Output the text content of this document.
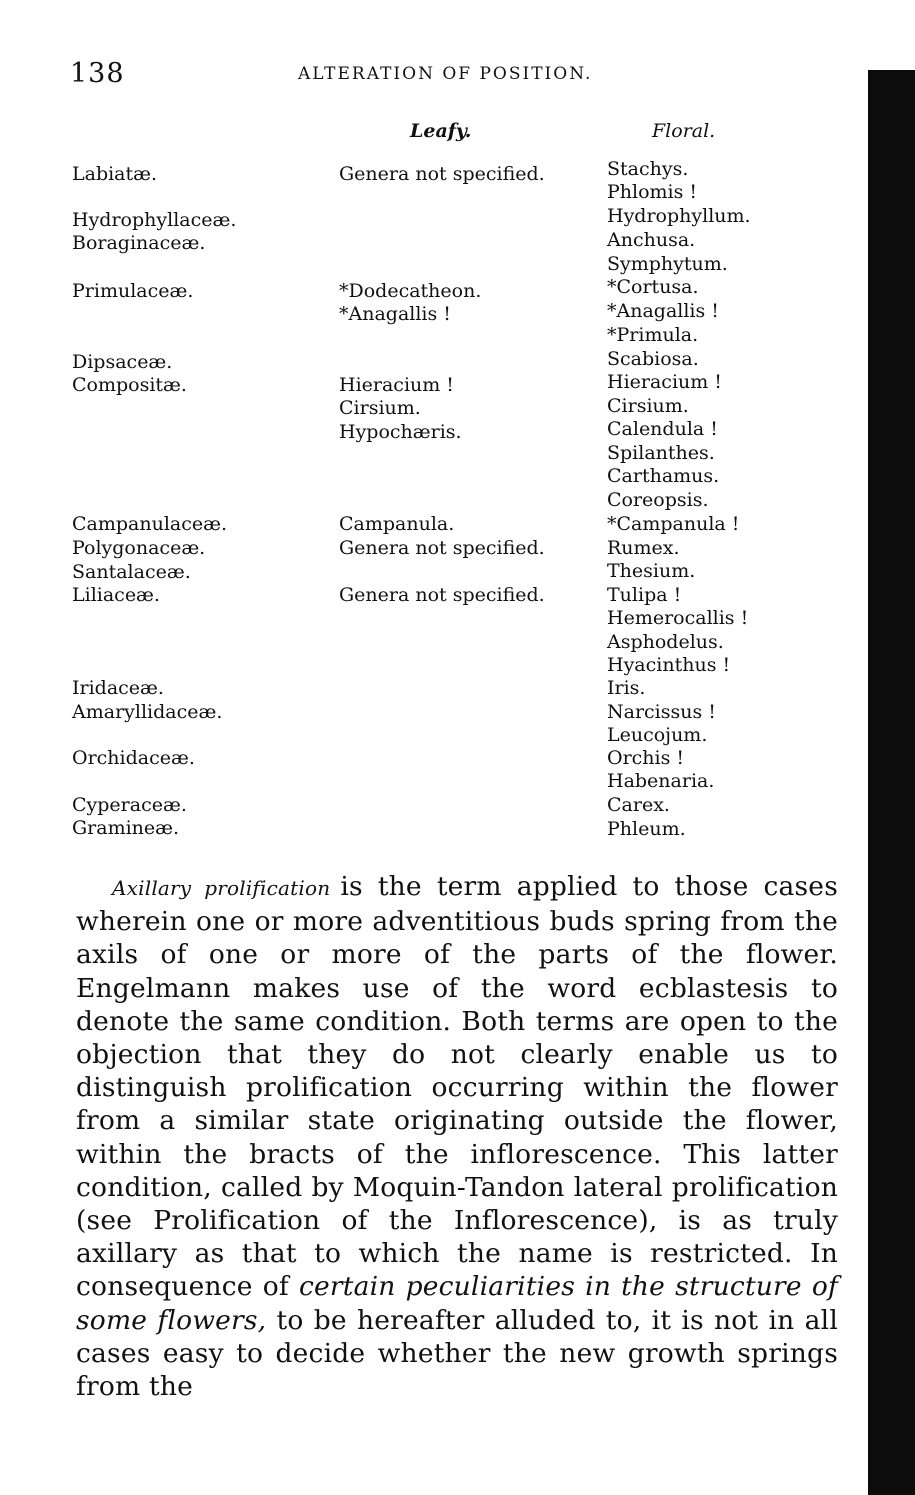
138	ALTERATION OF POSITION.
Leafy.	Floral.
Labiatæ.
Hydrophyllaceæ.
Boraginaceæ.
Primulaceæ.
Dipsaceæ.
Compositæ.
Campanulaceæ.
Polygonaceæ.
Santalaceæ.
Liliaceæ.
Iridaceæ.
Amaryllidaceæ.
Orchidaceæ.
Cyperaceæ.
Gramineæ.
Genera not specified.
*Dodecatheon.
*Anagallis !
Hieracium !
Cirsium.
Hypochæris.
Campanula.
Genera not specified.
Genera not specified.
Stachys.
Phlomis !
Hydrophyllum.
Anchusa.
Symphytum.
*Cortusa.
*Anagallis !
*Primula.
Scabiosa.
Hieracium !
Cirsium.
Calendula !
Spilanthes.
Carthamus.
Coreopsis.
*Campanula !
Rumex.
Thesium.
Tulipa !
Hemerocallis !
Asphodelus.
Hyacinthus !
Iris.
Narcissus !
Leucojum.
Orchis !
Habenaria.
Carex.
Phleum.

Axillary prolification is the term applied to those cases wherein one or more adventitious buds spring from the axils of one or more of the parts of the flower. Engelmann makes use of the word ecblastesis to denote the same condition. Both terms are open to the objection that they do not clearly enable us to distinguish prolification occurring within the flower from a similar state originating outside the flower, within the bracts of the inflorescence. This latter condition, called by Moquin-Tandon lateral prolification (see Prolification of the Inflorescence), is as truly axillary as that to which the name is restricted. In consequence of certain peculiarities in the structure of some flowers, to be hereafter alluded to, it is not in all cases easy to decide whether the new growth springs from the
